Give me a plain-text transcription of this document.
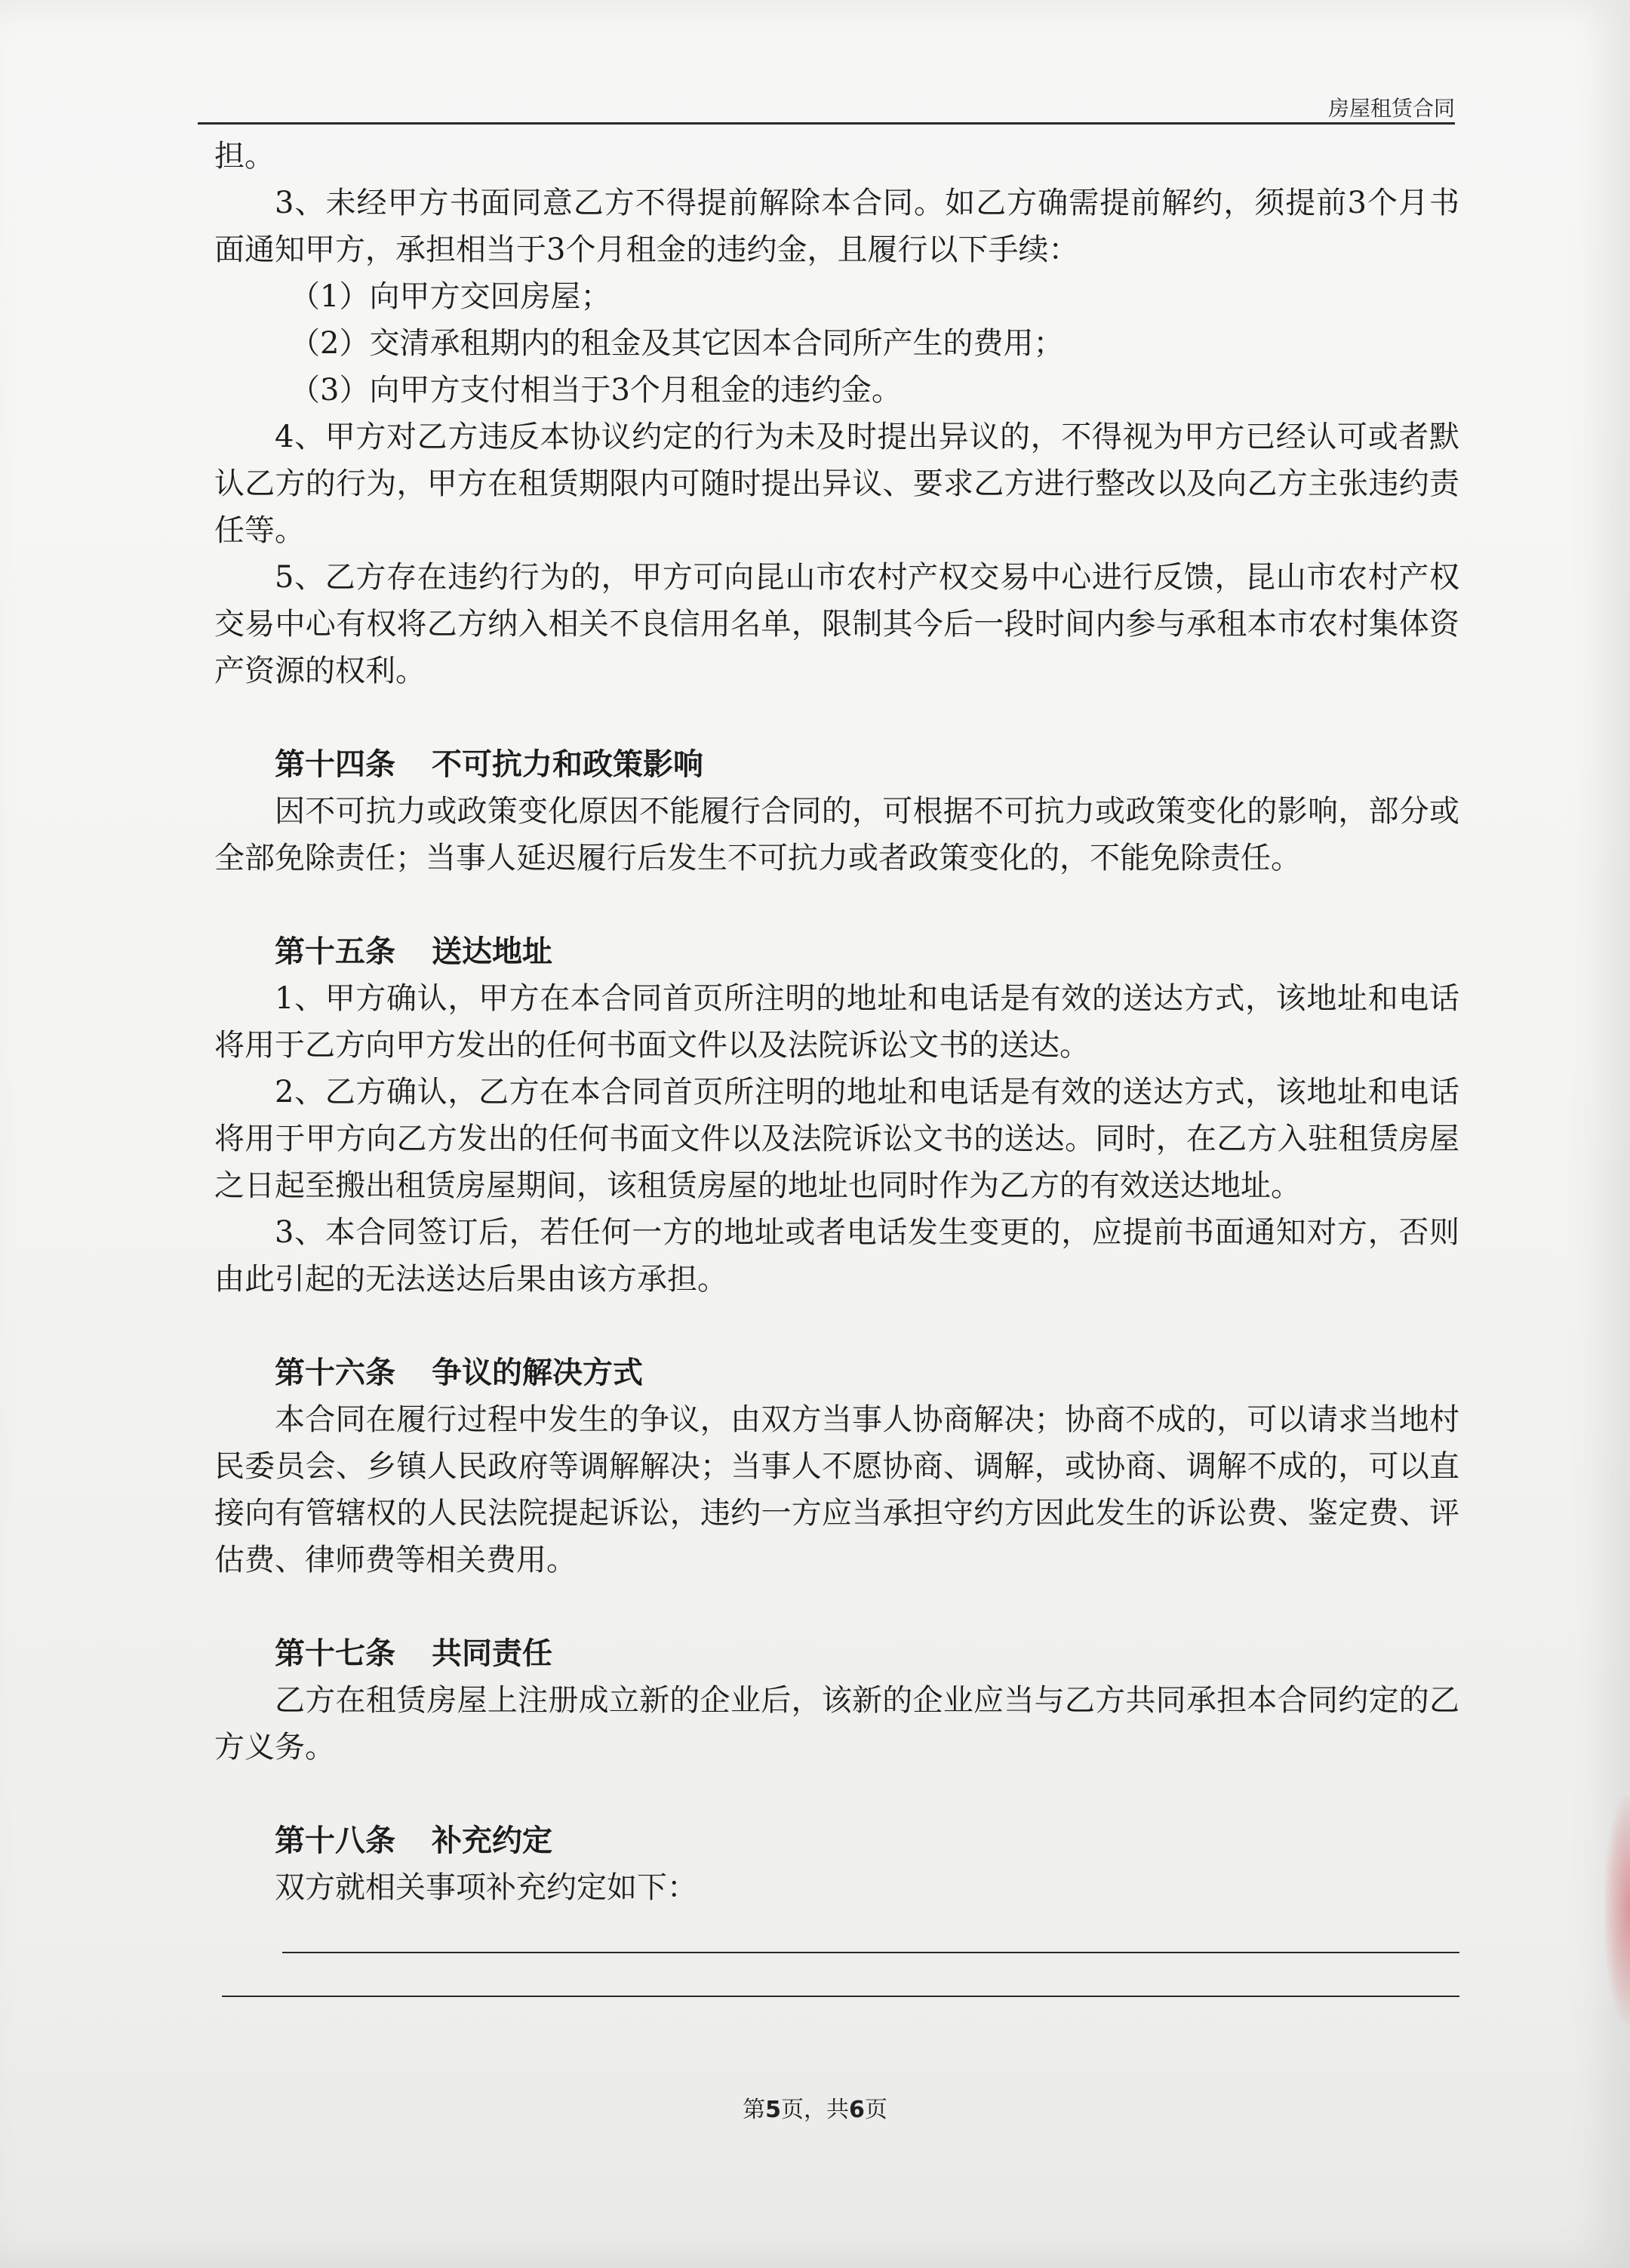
房屋租赁合同

担。

3、未经甲方书面同意乙方不得提前解除本合同。如乙方确需提前解约，须提前3个月书面通知甲方，承担相当于3个月租金的违约金，且履行以下手续：

（1）向甲方交回房屋；

（2）交清承租期内的租金及其它因本合同所产生的费用；

（3）向甲方支付相当于3个月租金的违约金。

4、甲方对乙方违反本协议约定的行为未及时提出异议的，不得视为甲方已经认可或者默认乙方的行为，甲方在租赁期限内可随时提出异议、要求乙方进行整改以及向乙方主张违约责任等。

5、乙方存在违约行为的，甲方可向昆山市农村产权交易中心进行反馈，昆山市农村产权交易中心有权将乙方纳入相关不良信用名单，限制其今后一段时间内参与承租本市农村集体资产资源的权利。

第十四条 不可抗力和政策影响

因不可抗力或政策变化原因不能履行合同的，可根据不可抗力或政策变化的影响，部分或全部免除责任；当事人延迟履行后发生不可抗力或者政策变化的，不能免除责任。

第十五条 送达地址

1、甲方确认，甲方在本合同首页所注明的地址和电话是有效的送达方式，该地址和电话将用于乙方向甲方发出的任何书面文件以及法院诉讼文书的送达。

2、乙方确认，乙方在本合同首页所注明的地址和电话是有效的送达方式，该地址和电话将用于甲方向乙方发出的任何书面文件以及法院诉讼文书的送达。同时，在乙方入驻租赁房屋之日起至搬出租赁房屋期间，该租赁房屋的地址也同时作为乙方的有效送达地址。

3、本合同签订后，若任何一方的地址或者电话发生变更的，应提前书面通知对方，否则由此引起的无法送达后果由该方承担。

第十六条 争议的解决方式

本合同在履行过程中发生的争议，由双方当事人协商解决；协商不成的，可以请求当地村民委员会、乡镇人民政府等调解解决；当事人不愿协商、调解，或协商、调解不成的，可以直接向有管辖权的人民法院提起诉讼，违约一方应当承担守约方因此发生的诉讼费、鉴定费、评估费、律师费等相关费用。

第十七条 共同责任

乙方在租赁房屋上注册成立新的企业后，该新的企业应当与乙方共同承担本合同约定的乙方义务。

第十八条 补充约定

双方就相关事项补充约定如下：

第5页，共6页
